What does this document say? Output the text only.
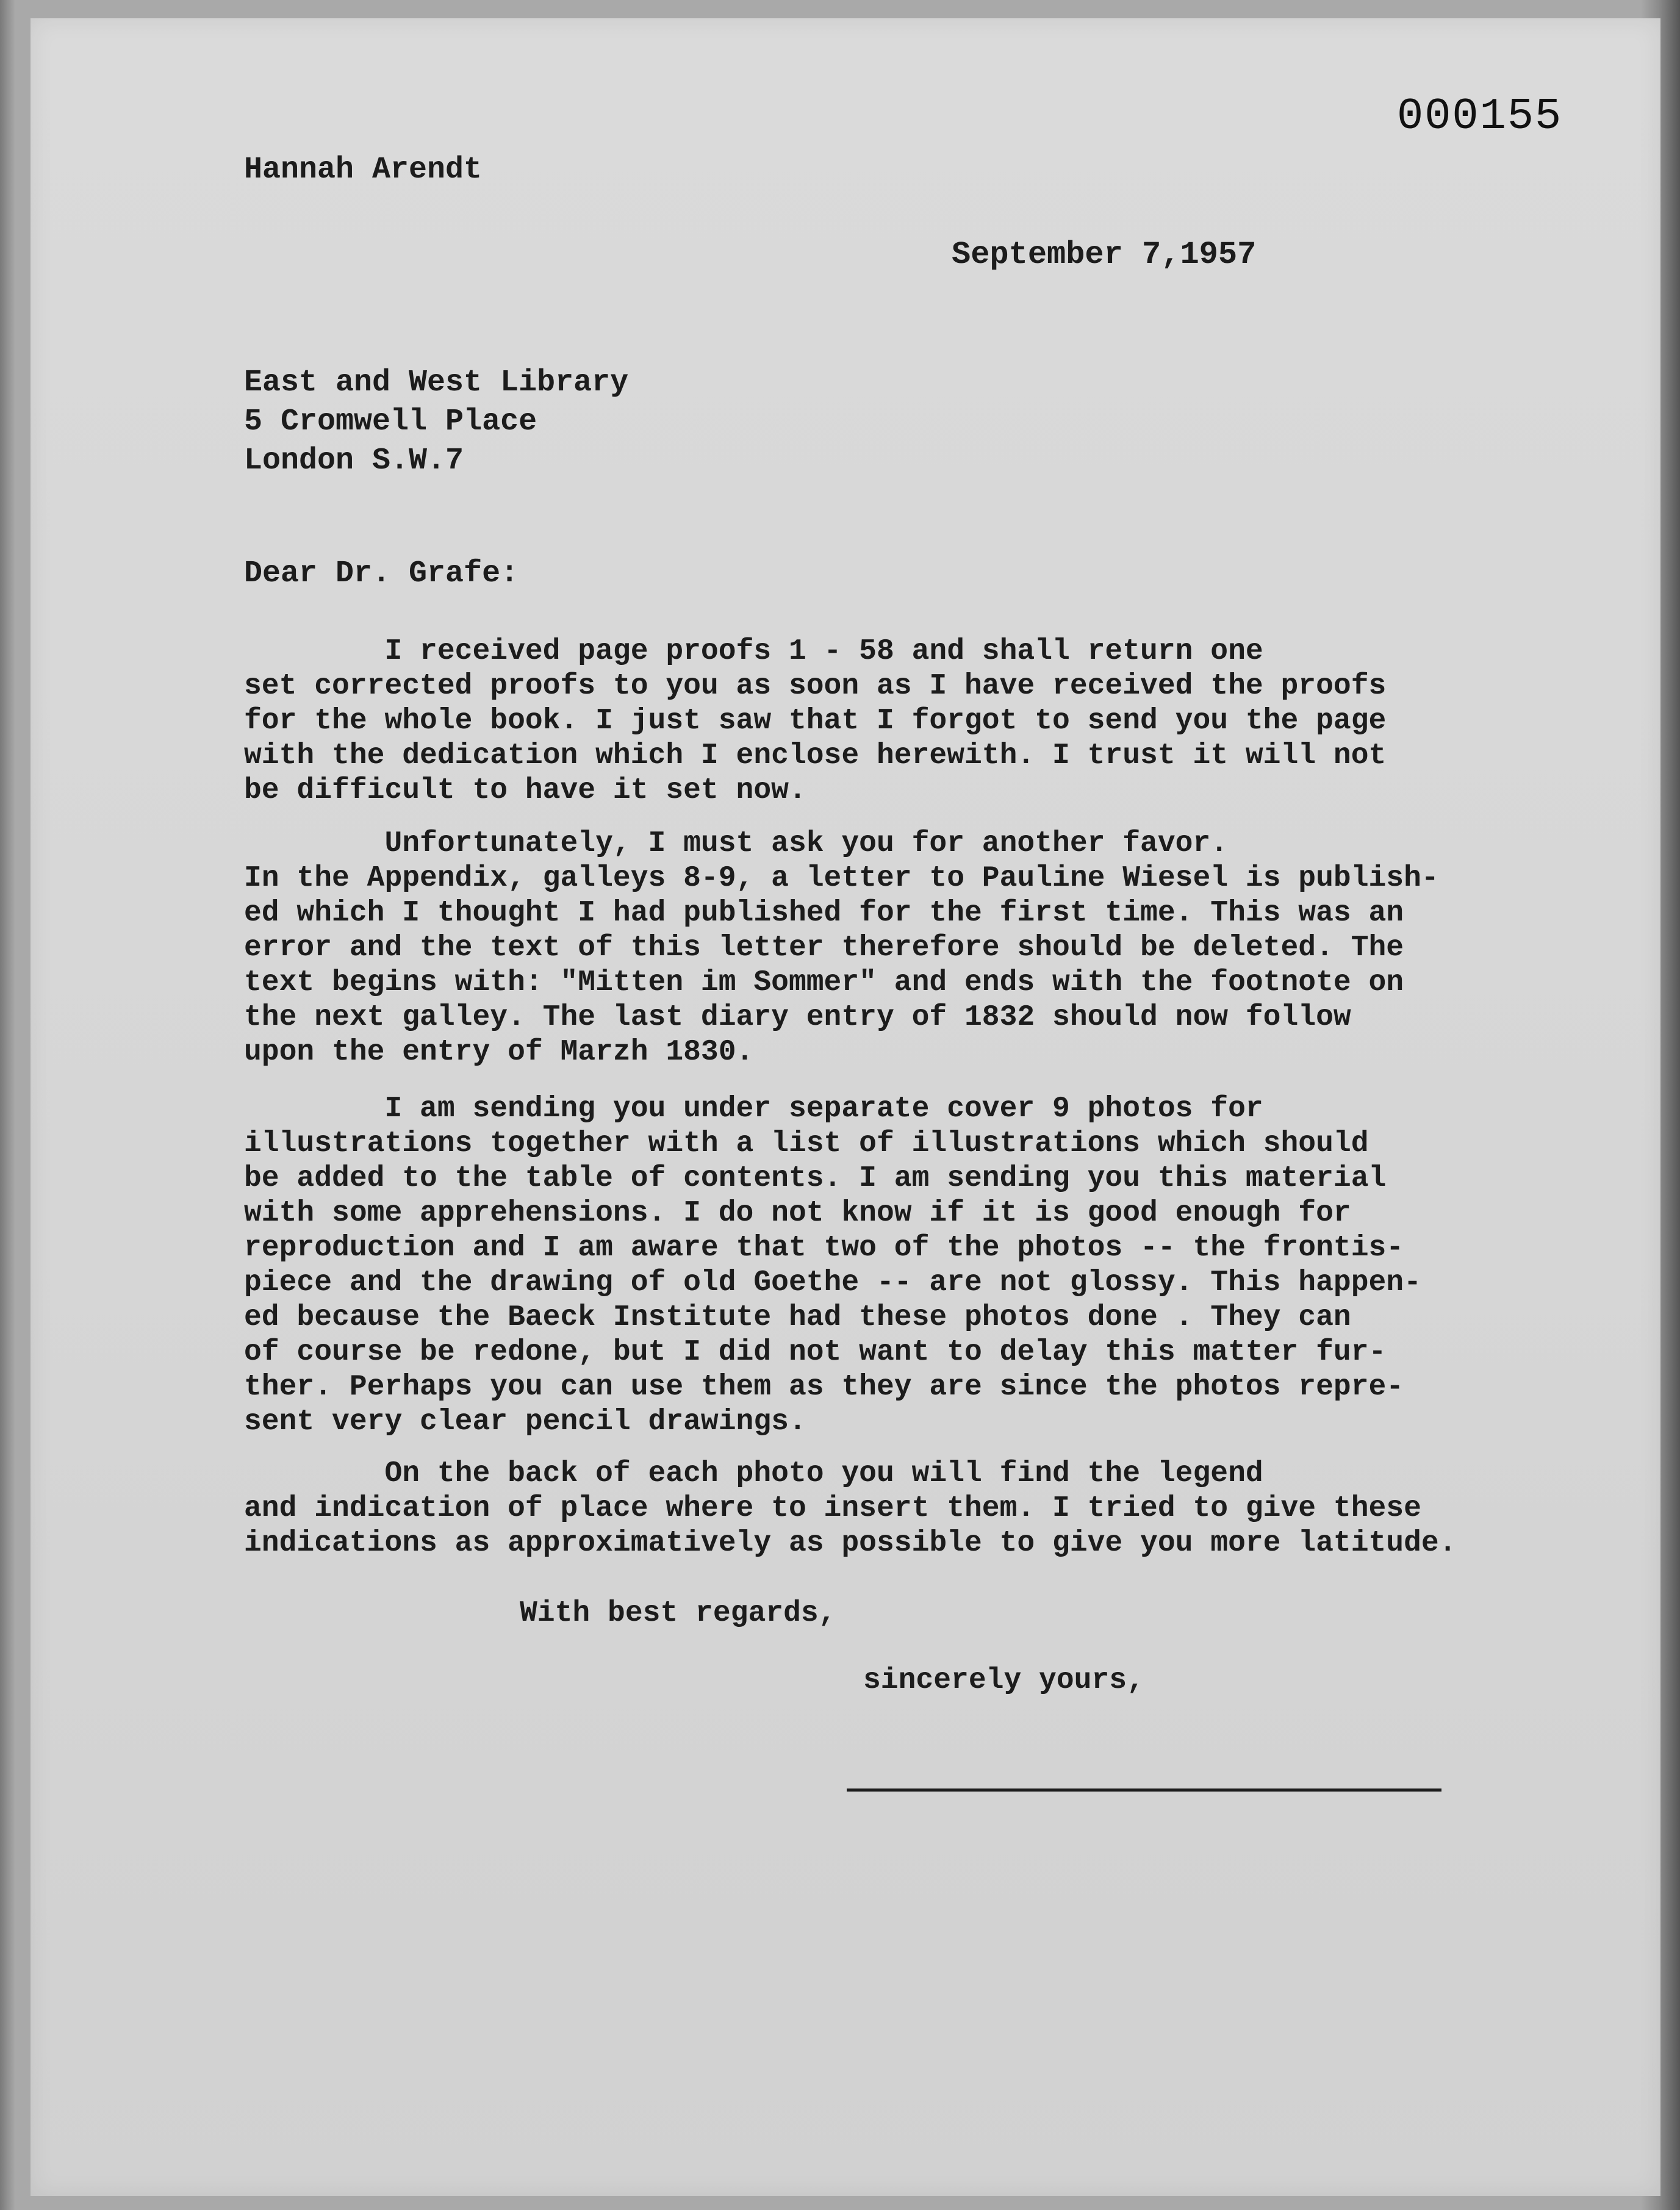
000155
Hannah Arendt
September 7,1957
East and West Library
5 Cromwell Place
London S.W.7
Dear Dr. Grafe:
I received page proofs 1 - 58 and shall return one
set corrected proofs to you as soon as I have received the proofs
for the whole book. I just saw that I forgot to send you the page
with the dedication which I enclose herewith. I trust it will not
be difficult to have it set now.
Unfortunately, I must ask you for another favor.
In the Appendix, galleys 8-9, a letter to Pauline Wiesel is publish-
ed which I thought I had published for the first time. This was an
error and the text of this letter therefore should be deleted. The
text begins with: "Mitten im Sommer" and ends with the footnote on
the next galley. The last diary entry of 1832 should now follow
upon the entry of Marzh 1830.
I am sending you under separate cover 9 photos for
illustrations together with a list of illustrations which should
be added to the table of contents. I am sending you this material
with some apprehensions. I do not know if it is good enough for
reproduction and I am aware that two of the photos -- the frontis-
piece and the drawing of old Goethe -- are not glossy. This happen-
ed because the Baeck Institute had these photos done . They can
of course be redone, but I did not want to delay this matter fur-
ther. Perhaps you can use them as they are since the photos repre-
sent very clear pencil drawings.
On the back of each photo you will find the legend
and indication of place where to insert them. I tried to give these
indications as approximatively as possible to give you more latitude.
With best regards,
sincerely yours,
